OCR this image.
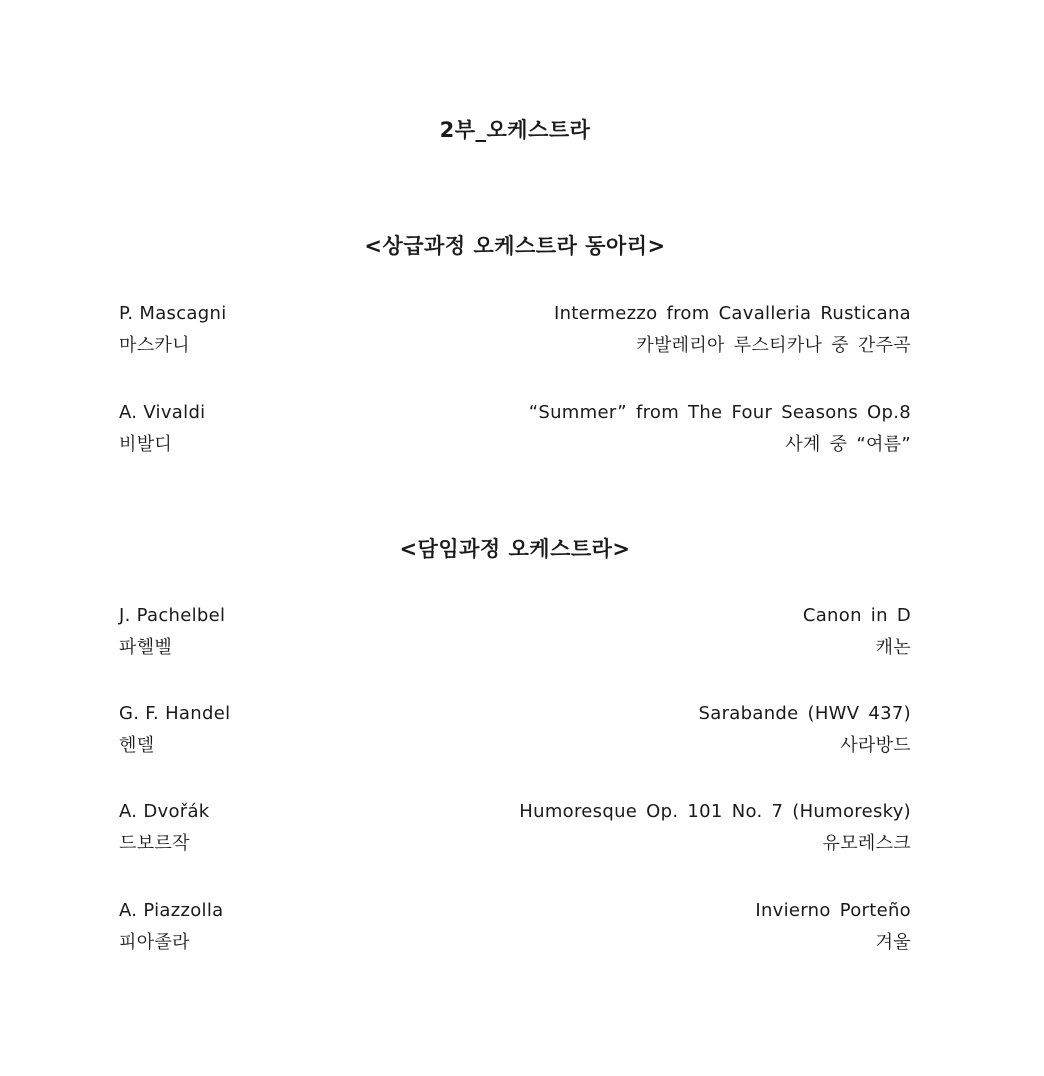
2부_오케스트라
<상급과정 오케스트라 동아리>
P. Mascagni	Intermezzo from Cavalleria Rusticana
마스카니	카발레리아 루스티카나 중 간주곡
A. Vivaldi	“Summer” from The Four Seasons Op.8
비발디	사계 중 “여름”
<담임과정 오케스트라>
J. Pachelbel	Canon in D
파헬벨	캐논
G. F. Handel	Sarabande (HWV 437)
헨델	사라방드
A. Dvořák	Humoresque Op. 101 No. 7 (Humoresky)
드보르작	유모레스크
A. Piazzolla	Invierno Porteño
피아졸라	겨울
